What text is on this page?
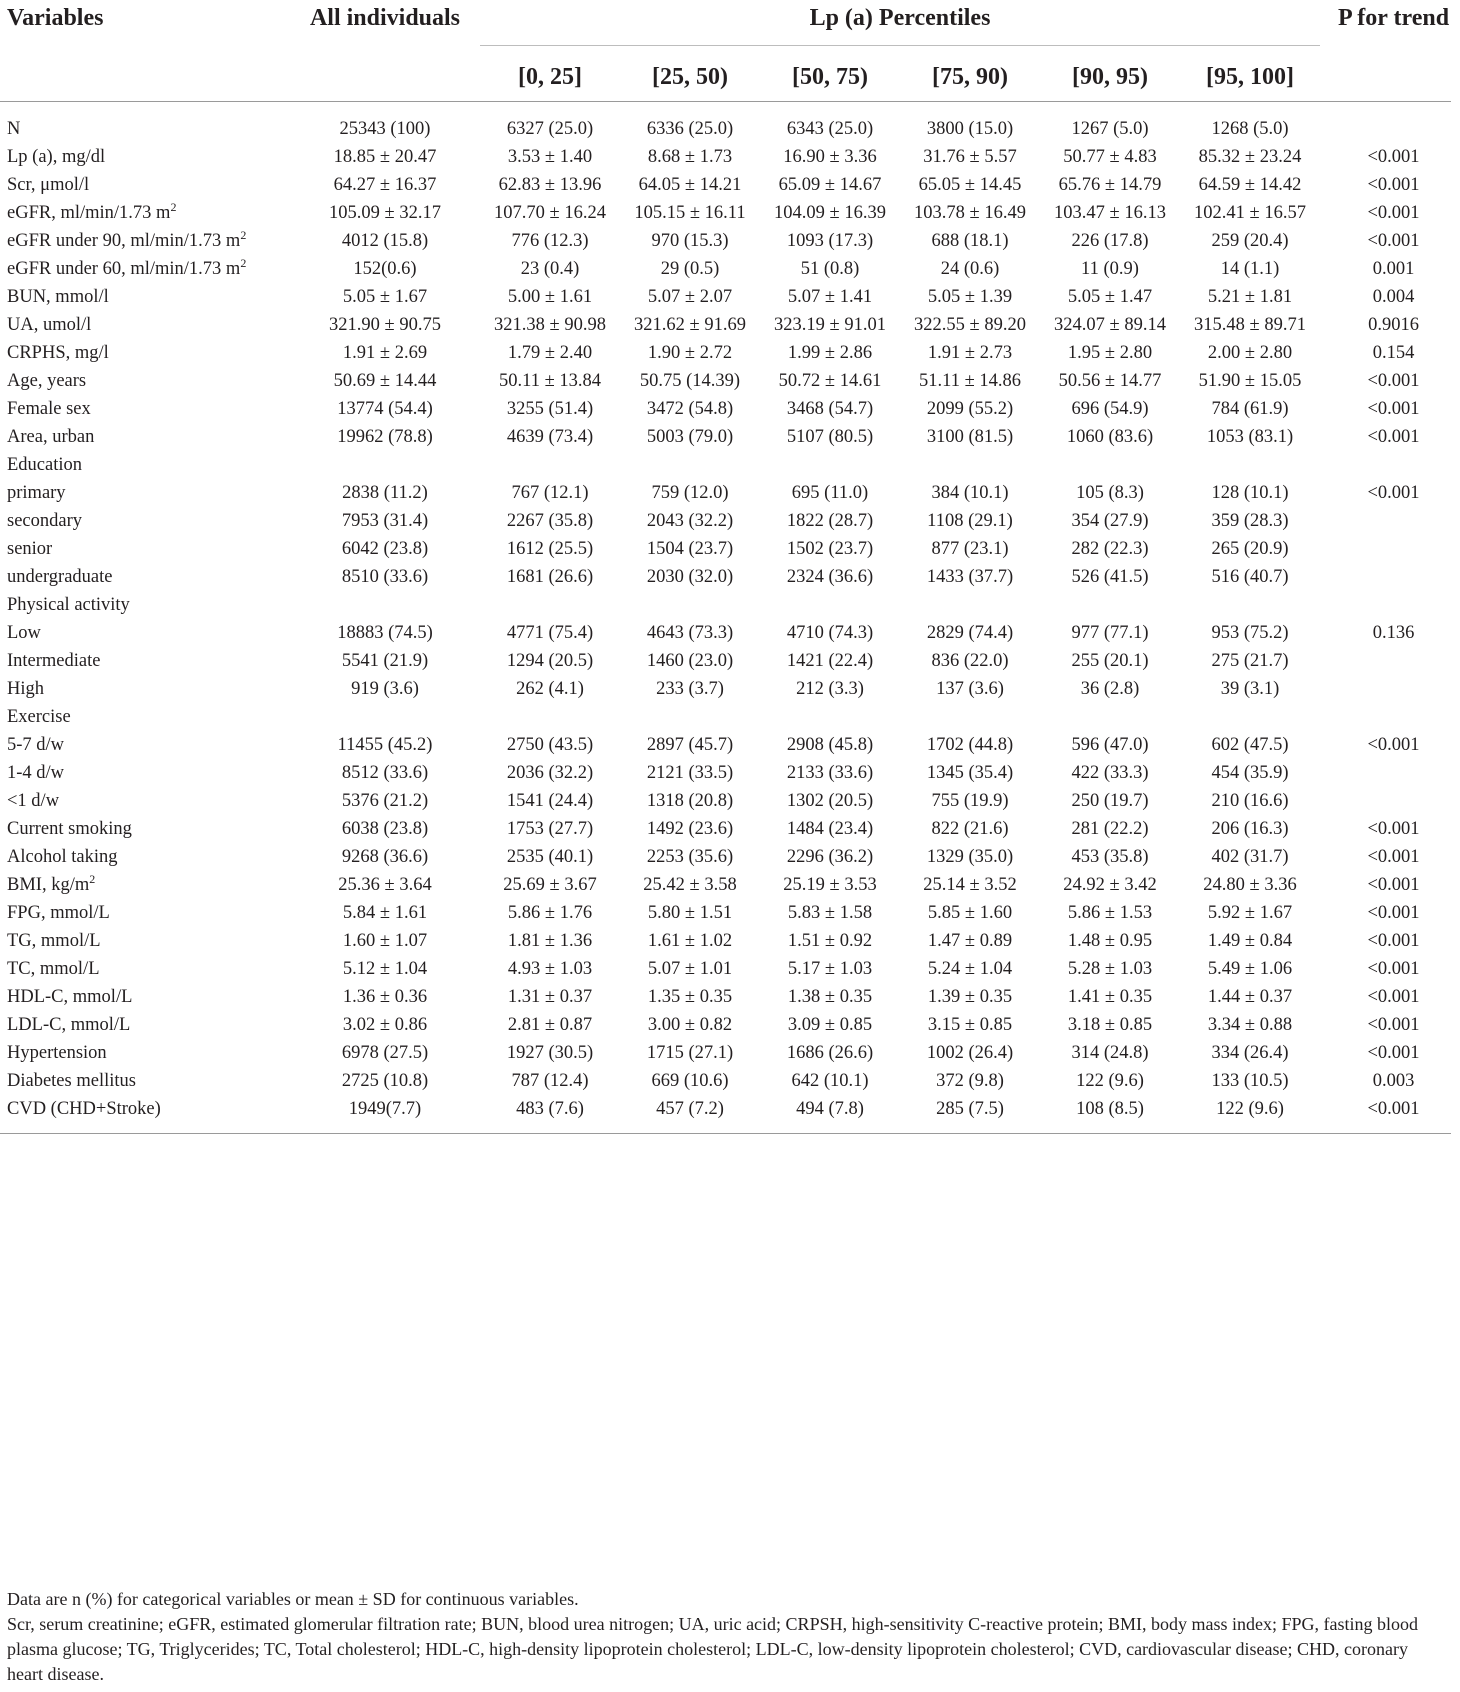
Variables	All individuals	Lp (a) Percentiles						P for trend
		[0, 25]	[25, 50)	[50, 75)	[75, 90)	[90, 95)	[95, 100]	
N	25343 (100)	6327 (25.0)	6336 (25.0)	6343 (25.0)	3800 (15.0)	1267 (5.0)	1268 (5.0)	
Lp (a), mg/dl	18.85 ± 20.47	3.53 ± 1.40	8.68 ± 1.73	16.90 ± 3.36	31.76 ± 5.57	50.77 ± 4.83	85.32 ± 23.24	<0.001
Scr, μmol/l	64.27 ± 16.37	62.83 ± 13.96	64.05 ± 14.21	65.09 ± 14.67	65.05 ± 14.45	65.76 ± 14.79	64.59 ± 14.42	<0.001
eGFR, ml/min/1.73 $m^2$	105.09 ± 32.17	107.70 ± 16.24	105.15 ± 16.11	104.09 ± 16.39	103.78 ± 16.49	103.47 ± 16.13	102.41 ± 16.57	<0.001
eGFR under 90, ml/min/1.73 $m^2$	4012 (15.8)	776 (12.3)	970 (15.3)	1093 (17.3)	688 (18.1)	226 (17.8)	259 (20.4)	<0.001
eGFR under 60, ml/min/1.73 $m^2$	152(0.6)	23 (0.4)	29 (0.5)	51 (0.8)	24 (0.6)	11 (0.9)	14 (1.1)	0.001
BUN, mmol/l	5.05 ± 1.67	5.00 ± 1.61	5.07 ± 2.07	5.07 ± 1.41	5.05 ± 1.39	5.05 ± 1.47	5.21 ± 1.81	0.004
UA, umol/l	321.90 ± 90.75	321.38 ± 90.98	321.62 ± 91.69	323.19 ± 91.01	322.55 ± 89.20	324.07 ± 89.14	315.48 ± 89.71	0.9016
CRPHS, mg/l	1.91 ± 2.69	1.79 ± 2.40	1.90 ± 2.72	1.99 ± 2.86	1.91 ± 2.73	1.95 ± 2.80	2.00 ± 2.80	0.154
Age, years	50.69 ± 14.44	50.11 ± 13.84	50.75 (14.39)	50.72 ± 14.61	51.11 ± 14.86	50.56 ± 14.77	51.90 ± 15.05	<0.001
Female sex	13774 (54.4)	3255 (51.4)	3472 (54.8)	3468 (54.7)	2099 (55.2)	696 (54.9)	784 (61.9)	<0.001
Area, urban	19962 (78.8)	4639 (73.4)	5003 (79.0)	5107 (80.5)	3100 (81.5)	1060 (83.6)	1053 (83.1)	<0.001
Education								
primary	2838 (11.2)	767 (12.1)	759 (12.0)	695 (11.0)	384 (10.1)	105 (8.3)	128 (10.1)	<0.001
secondary	7953 (31.4)	2267 (35.8)	2043 (32.2)	1822 (28.7)	1108 (29.1)	354 (27.9)	359 (28.3)	
senior	6042 (23.8)	1612 (25.5)	1504 (23.7)	1502 (23.7)	877 (23.1)	282 (22.3)	265 (20.9)	
undergraduate	8510 (33.6)	1681 (26.6)	2030 (32.0)	2324 (36.6)	1433 (37.7)	526 (41.5)	516 (40.7)	
Physical activity								
Low	18883 (74.5)	4771 (75.4)	4643 (73.3)	4710 (74.3)	2829 (74.4)	977 (77.1)	953 (75.2)	0.136
Intermediate	5541 (21.9)	1294 (20.5)	1460 (23.0)	1421 (22.4)	836 (22.0)	255 (20.1)	275 (21.7)	
High	919 (3.6)	262 (4.1)	233 (3.7)	212 (3.3)	137 (3.6)	36 (2.8)	39 (3.1)	
Exercise								
5-7 d/w	11455 (45.2)	2750 (43.5)	2897 (45.7)	2908 (45.8)	1702 (44.8)	596 (47.0)	602 (47.5)	<0.001
1-4 d/w	8512 (33.6)	2036 (32.2)	2121 (33.5)	2133 (33.6)	1345 (35.4)	422 (33.3)	454 (35.9)	
<1 d/w	5376 (21.2)	1541 (24.4)	1318 (20.8)	1302 (20.5)	755 (19.9)	250 (19.7)	210 (16.6)	
Current smoking	6038 (23.8)	1753 (27.7)	1492 (23.6)	1484 (23.4)	822 (21.6)	281 (22.2)	206 (16.3)	<0.001
Alcohol taking	9268 (36.6)	2535 (40.1)	2253 (35.6)	2296 (36.2)	1329 (35.0)	453 (35.8)	402 (31.7)	<0.001
BMI, $kg/m^2$	25.36 ± 3.64	25.69 ± 3.67	25.42 ± 3.58	25.19 ± 3.53	25.14 ± 3.52	24.92 ± 3.42	24.80 ± 3.36	<0.001
FPG, mmol/L	5.84 ± 1.61	5.86 ± 1.76	5.80 ± 1.51	5.83 ± 1.58	5.85 ± 1.60	5.86 ± 1.53	5.92 ± 1.67	<0.001
TG, mmol/L	1.60 ± 1.07	1.81 ± 1.36	1.61 ± 1.02	1.51 ± 0.92	1.47 ± 0.89	1.48 ± 0.95	1.49 ± 0.84	<0.001
TC, mmol/L	5.12 ± 1.04	4.93 ± 1.03	5.07 ± 1.01	5.17 ± 1.03	5.24 ± 1.04	5.28 ± 1.03	5.49 ± 1.06	<0.001
HDL-C, mmol/L	1.36 ± 0.36	1.31 ± 0.37	1.35 ± 0.35	1.38 ± 0.35	1.39 ± 0.35	1.41 ± 0.35	1.44 ± 0.37	<0.001
LDL-C, mmol/L	3.02 ± 0.86	2.81 ± 0.87	3.00 ± 0.82	3.09 ± 0.85	3.15 ± 0.85	3.18 ± 0.85	3.34 ± 0.88	<0.001
Hypertension	6978 (27.5)	1927 (30.5)	1715 (27.1)	1686 (26.6)	1002 (26.4)	314 (24.8)	334 (26.4)	<0.001
Diabetes mellitus	2725 (10.8)	787 (12.4)	669 (10.6)	642 (10.1)	372 (9.8)	122 (9.6)	133 (10.5)	0.003
CVD (CHD+Stroke)	1949(7.7)	483 (7.6)	457 (7.2)	494 (7.8)	285 (7.5)	108 (8.5)	122 (9.6)	<0.001

Data are n (%) for categorical variables or mean ± SD for continuous variables.

Scr, serum creatinine; eGFR, estimated glomerular filtration rate; BUN, blood urea nitrogen; UA, uric acid; CRPSH, high-sensitivity C-reactive protein; BMI, body mass index; FPG, fasting blood plasma glucose; TG, Triglycerides; TC, Total cholesterol; HDL-C, high-density lipoprotein cholesterol; LDL-C, low-density lipoprotein cholesterol; CVD, cardiovascular disease; CHD, coronary heart disease.
